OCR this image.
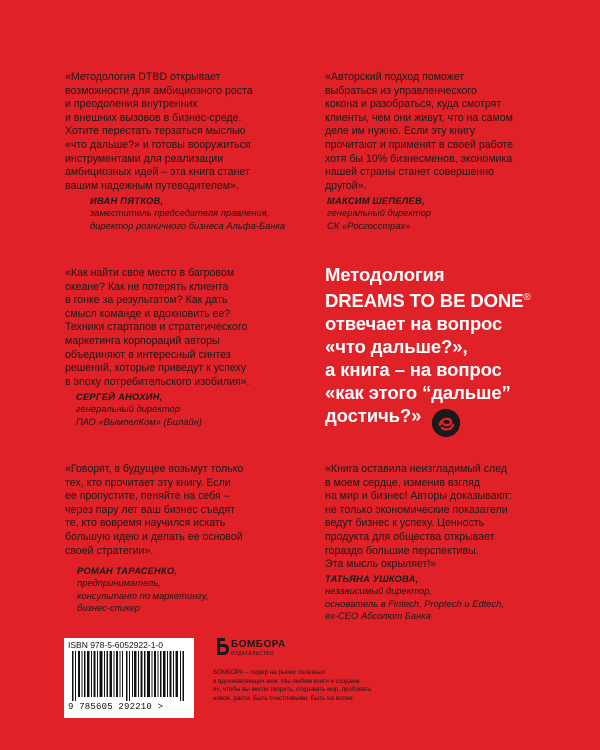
«Методология DTBD открывает
возможности для амбициозного роста
и преодоления внутренних
и внешних вызовов в бизнес-среде.
Хотите перестать терзаться мыслью
«что дальше?» и готовы вооружиться
инструментами для реализации
амбициозных идей – эта книга станет
вашим надежным путеводителем».

ИВАН ПЯТКОВ,
заместитель председателя правления,
директор розничного бизнеса Альфа-Банка

«Авторский подход поможет
выбраться из управленческого
кокона и разобраться, куда смотрят
клиенты, чем они живут, что на самом
деле им нужно. Если эту книгу
прочитают и применят в своей работе
хотя бы 10% бизнесменов, экономика
нашей страны станет совершенно
другой».

МАКСИМ ШЕПЕЛЕВ,
генеральный директор
СК «Росгосстрах»

«Как найти свое место в багровом
океане? Как не потерять клиента
в гонке за результатом? Как дать
смысл команде и вдохновить ее?
Техники стартапов и стратегического
маркетинга корпораций авторы
объединяют в интересный синтез
решений, которые приведут к успеху
в эпоху потребительского изобилия».

СЕРГЕЙ АНОХИН,
генеральный директор
ПАО «ВымпелКом» (Билайн)
Методология
DREAMS TO BE DONE®
отвечает на вопрос
«что дальше?»,
а книга – на вопрос
«как этого “дальше”
достичь?»

«Говорят, в будущее возьмут только
тех, кто прочитает эту книгу. Если
ее пропустите, пеняйте на себя –
через пару лет ваш бизнес съедят
те, кто вовремя научился искать
большую идею и делать ее основой
своей стратегии».

РОМАН ТАРАСЕНКО,
предприниматель,
консультант по маркетингу,
бизнес-спикер

«Книга оставила неизгладимый след
в моем сердце, изменив взгляд
на мир и бизнес! Авторы доказывают:
не только экономические показатели
ведут бизнес к успеху. Ценность
продукта для общества открывает
гораздо большие перспективы.
Эта мысль окрыляет!»

ТАТЬЯНА УШКОВА,
независимый директор,
основатель в Fintech, Proptech и Edtech,
ex-CEO Абсолют Банка
ISBN 978-5-6052922-1-0
9 785605 292210 >
БОМБОРА
ИЗДАТЕЛЬСТВО
БОМБОРА – лидер на рынке полезных
и вдохновляющих книг. Мы любим книги и создаем
их, чтобы вы могли творить, открывать мир, пробовать
новое, расти. Быть счастливыми. Быть на волне.
